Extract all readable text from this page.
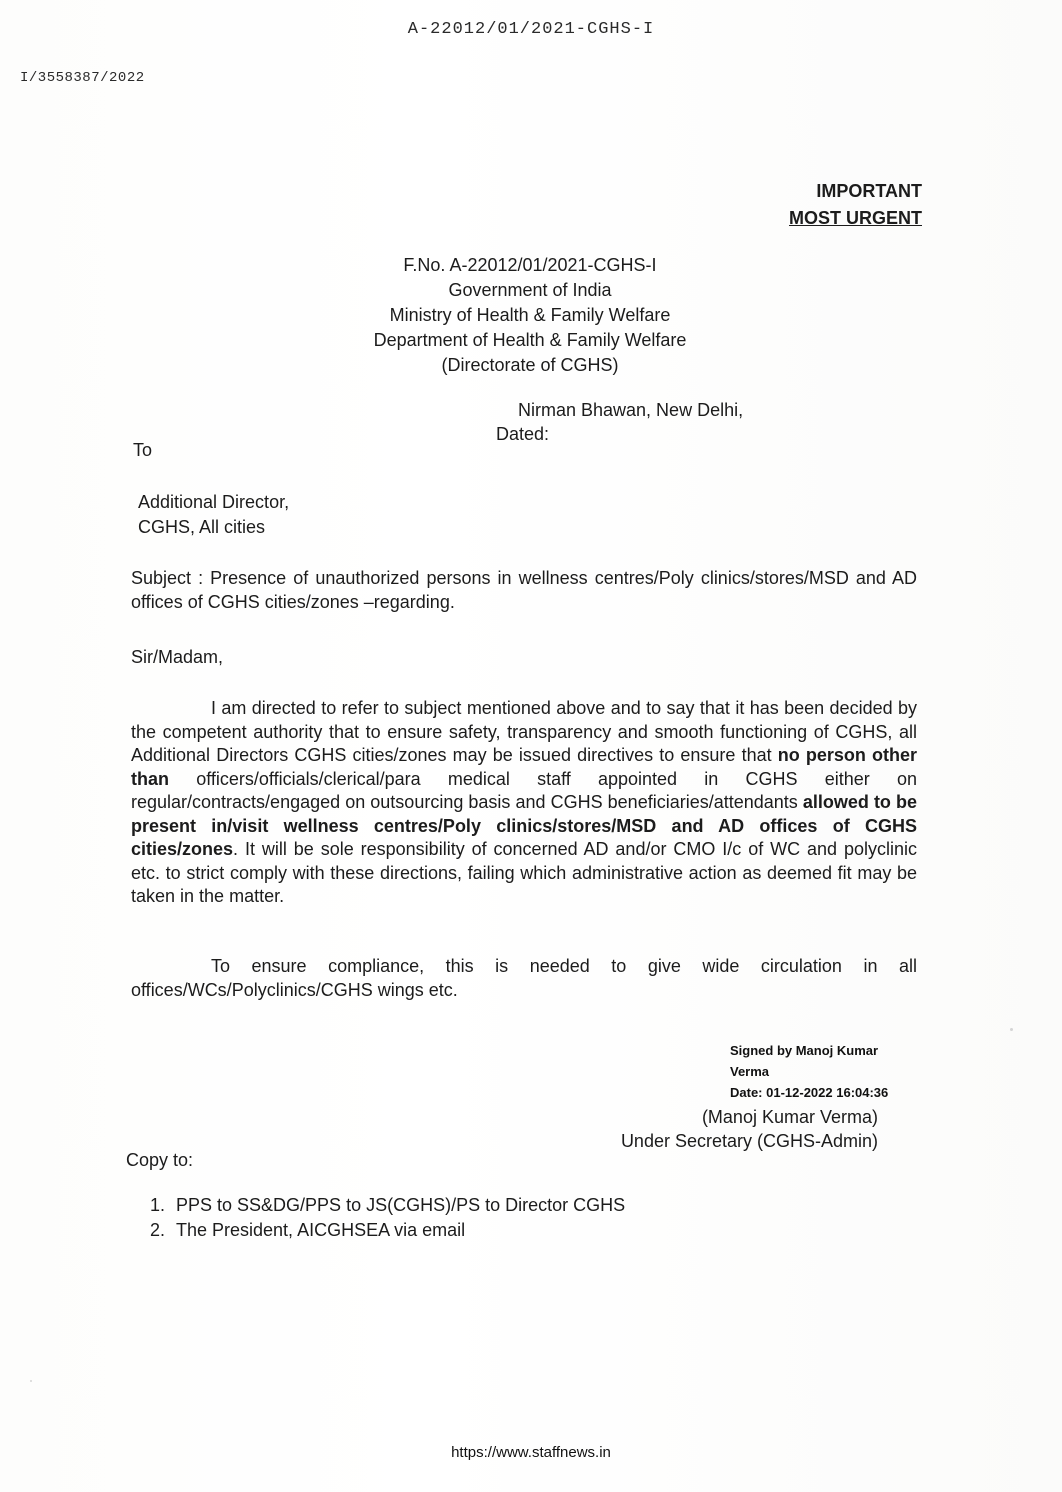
A-22012/01/2021-CGHS-I
I/3558387/2022
IMPORTANT
MOST URGENT
F.No. A-22012/01/2021-CGHS-I
Government of India
Ministry of Health & Family Welfare
Department of Health & Family Welfare
(Directorate of CGHS)
Nirman Bhawan, New Delhi,
Dated:
To
Additional Director,
CGHS, All cities
Subject : Presence of unauthorized persons in wellness centres/Poly clinics/stores/MSD and AD offices of CGHS cities/zones –regarding.
Sir/Madam,
I am directed to refer to subject mentioned above and to say that it has been decided by the competent authority that to ensure safety, transparency and smooth functioning of CGHS, all Additional Directors CGHS cities/zones may be issued directives to ensure that no person other than officers/officials/clerical/para medical staff appointed in CGHS either on regular/contracts/engaged on outsourcing basis and CGHS beneficiaries/attendants allowed to be present in/visit wellness centres/Poly clinics/stores/MSD and AD offices of CGHS cities/zones. It will be sole responsibility of concerned AD and/or CMO I/c of WC and polyclinic etc. to strict comply with these directions, failing which administrative action as deemed fit may be taken in the matter.
To ensure compliance, this is needed to give wide circulation in all offices/WCs/Polyclinics/CGHS wings etc.
Signed by Manoj Kumar
Verma
Date: 01-12-2022 16:04:36
(Manoj Kumar Verma)
Under Secretary (CGHS-Admin)
Copy to:
1. PPS to SS&DG/PPS to JS(CGHS)/PS to Director CGHS
2. The President, AICGHSEA via email
https://www.staffnews.in
